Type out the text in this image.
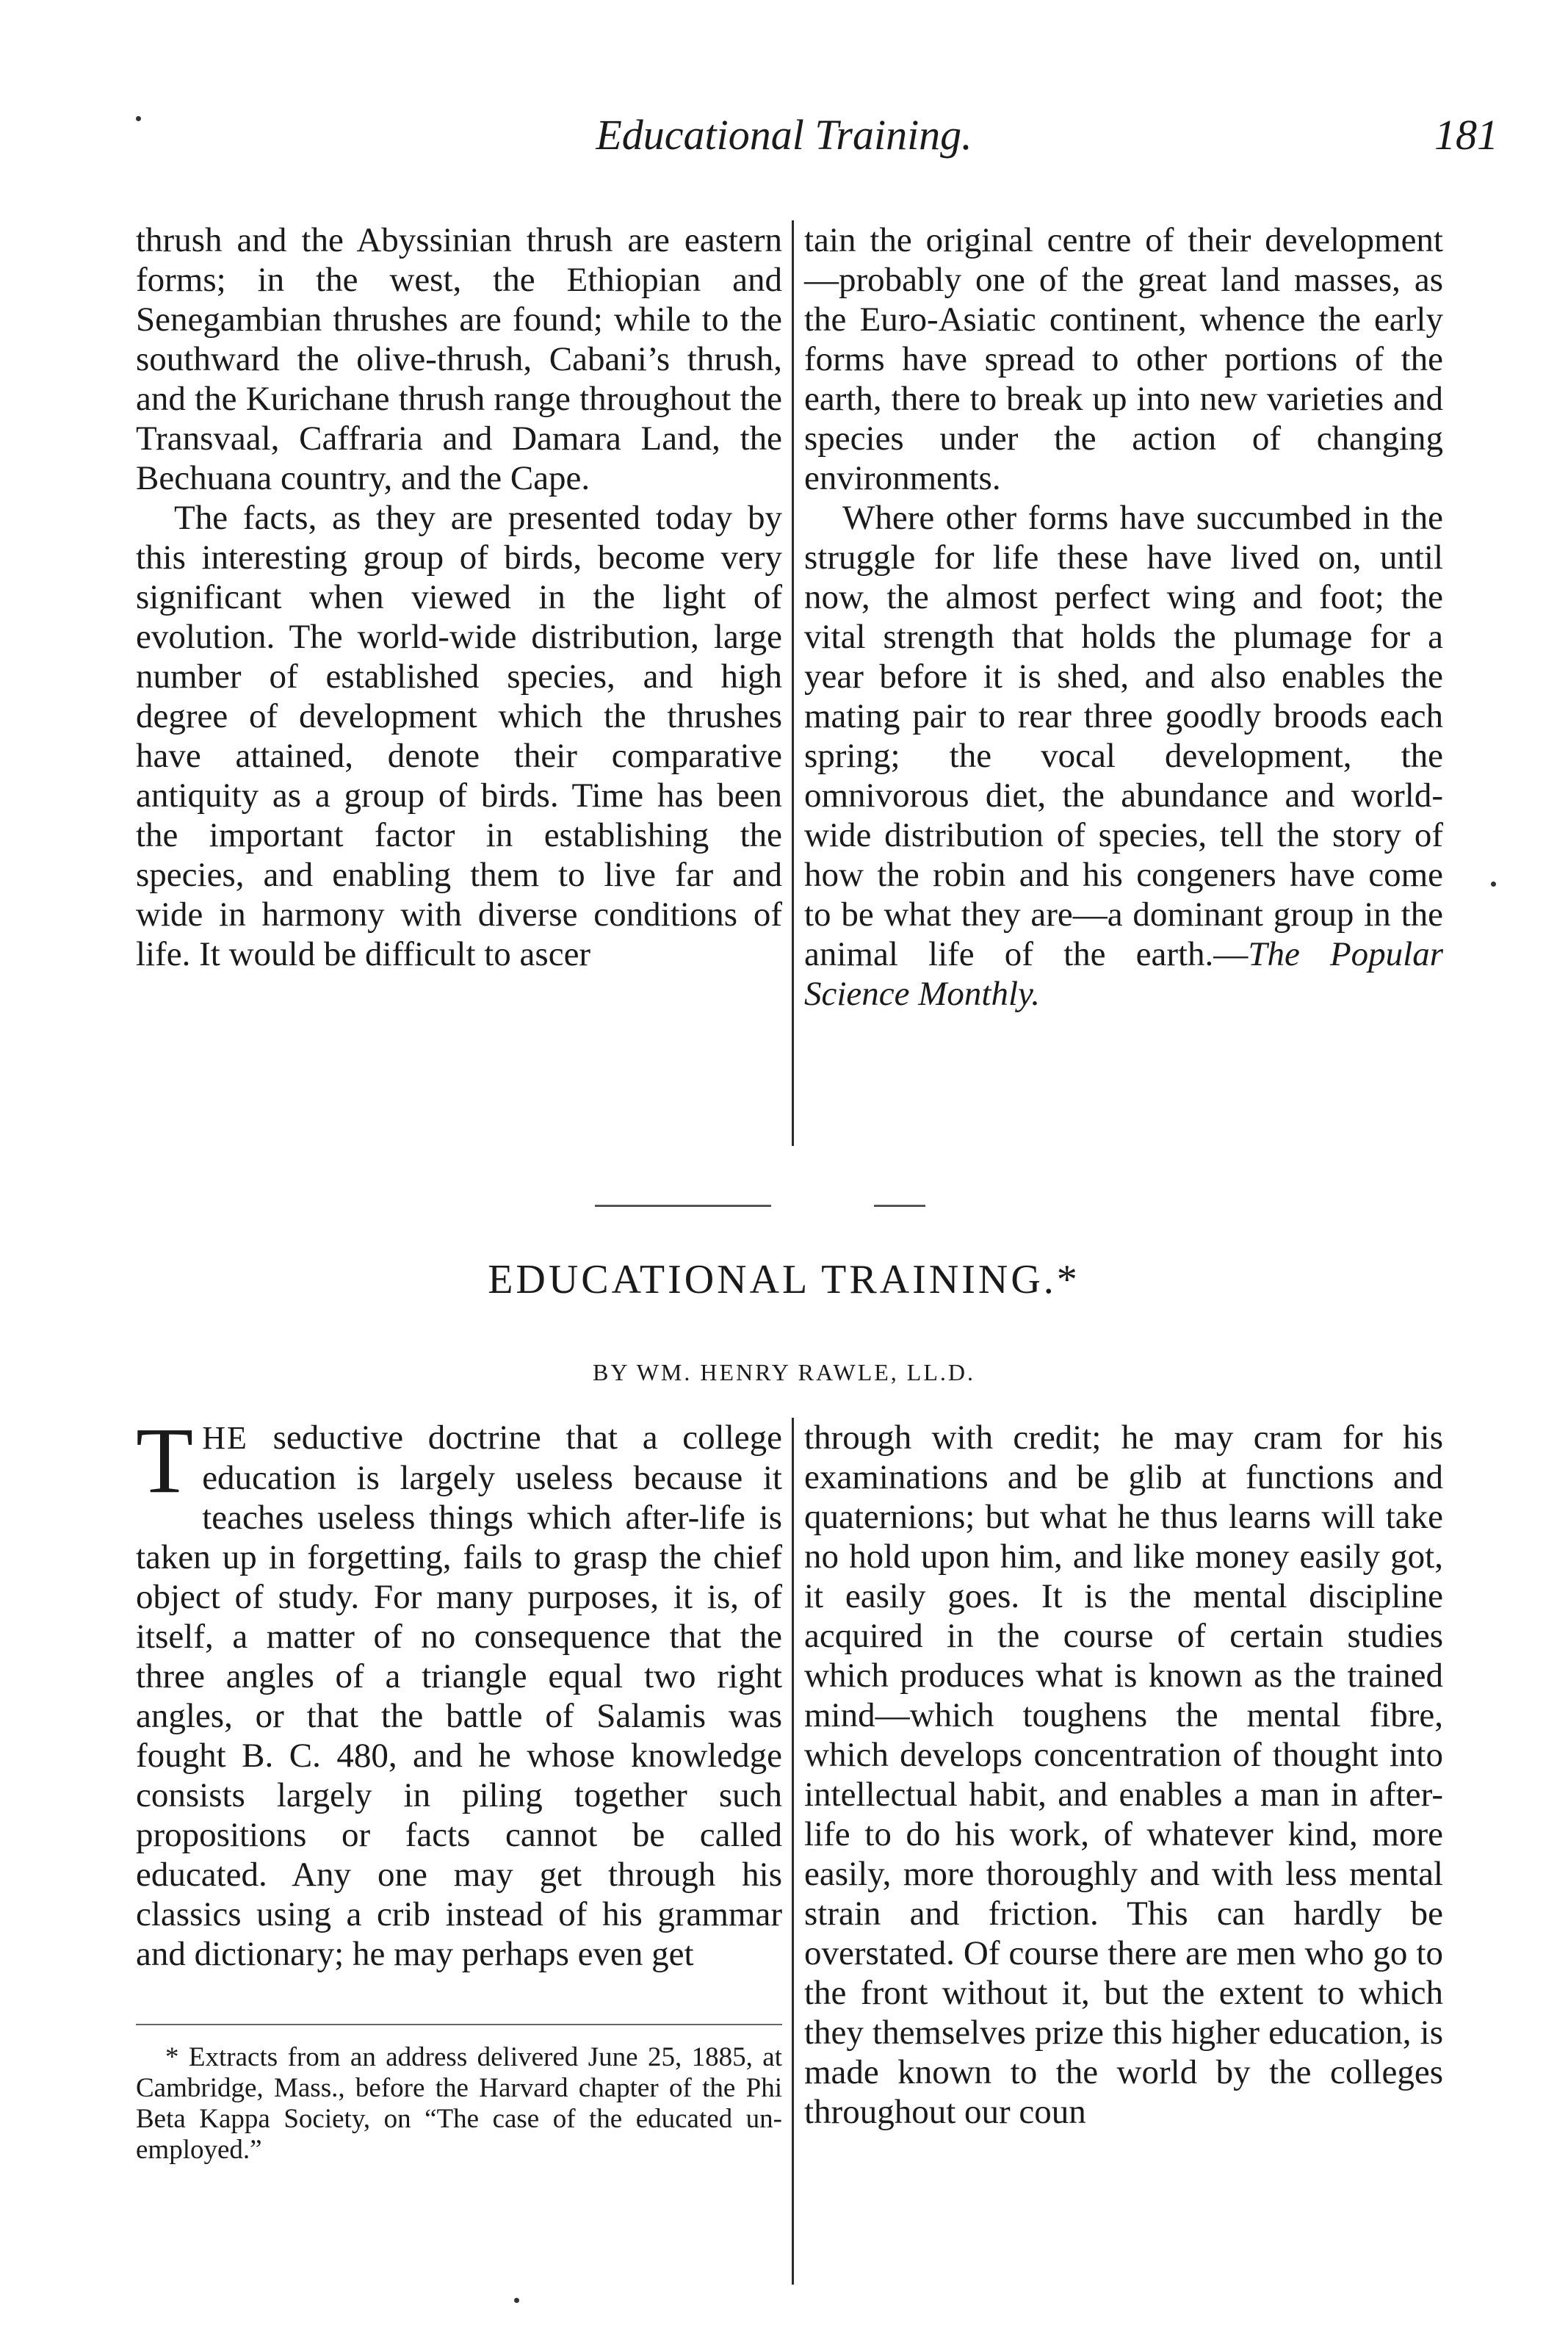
Educational Training.	181

thrush and the Abyssinian thrush are eastern forms; in the west, the Ethiopian and Senegambian thrushes are found; while to the southward the olive-thrush, Cabani’s thrush, and the Kurichane thrush range throughout the Transvaal, Caffraria and Damara Land, the Bechuana country, and the Cape.

The facts, as they are presented today by this interesting group of birds, become very significant when viewed in the light of evolution. The world-wide distribution, large number of established species, and high degree of development which the thrushes have attained, denote their comparative antiquity as a group of birds. Time has been the important factor in establishing the species, and enabling them to live far and wide in harmony with diverse conditions of life. It would be difficult to ascer

tain the original centre of their development—probably one of the great land masses, as the Euro-Asiatic continent, whence the early forms have spread to other portions of the earth, there to break up into new varieties and species under the action of changing environments.

Where other forms have succumbed in the struggle for life these have lived on, until now, the almost perfect wing and foot; the vital strength that holds the plumage for a year before it is shed, and also enables the mating pair to rear three goodly broods each spring; the vocal development, the omnivorous diet, the abundance and world-wide distribution of species, tell the story of how the robin and his congeners have come to be what they are—a dominant group in the animal life of the earth.—The Popular Science Monthly.

EDUCATIONAL TRAINING.*
BY WM. HENRY RAWLE, LL.D.

THE seductive doctrine that a college education is largely useless because it teaches useless things which after-life is taken up in forgetting, fails to grasp the chief object of study. For many purposes, it is, of itself, a matter of no consequence that the three angles of a triangle equal two right angles, or that the battle of Salamis was fought B. C. 480, and he whose knowledge consists largely in piling together such propositions or facts cannot be called educated. Any one may get through his classics using a crib instead of his grammar and dictionary; he may perhaps even get

through with credit; he may cram for his examinations and be glib at functions and quaternions; but what he thus learns will take no hold upon him, and like money easily got, it easily goes. It is the mental discipline acquired in the course of certain studies which produces what is known as the trained mind—which toughens the mental fibre, which develops concentration of thought into intellectual habit, and enables a man in after-life to do his work, of whatever kind, more easily, more thoroughly and with less mental strain and friction. This can hardly be overstated. Of course there are men who go to the front without it, but the extent to which they themselves prize this higher education, is made known to the world by the colleges throughout our coun

* Extracts from an address delivered June 25, 1885, at Cambridge, Mass., before the Harvard chapter of the Phi Beta Kappa Society, on “The case of the educated unemployed.”
